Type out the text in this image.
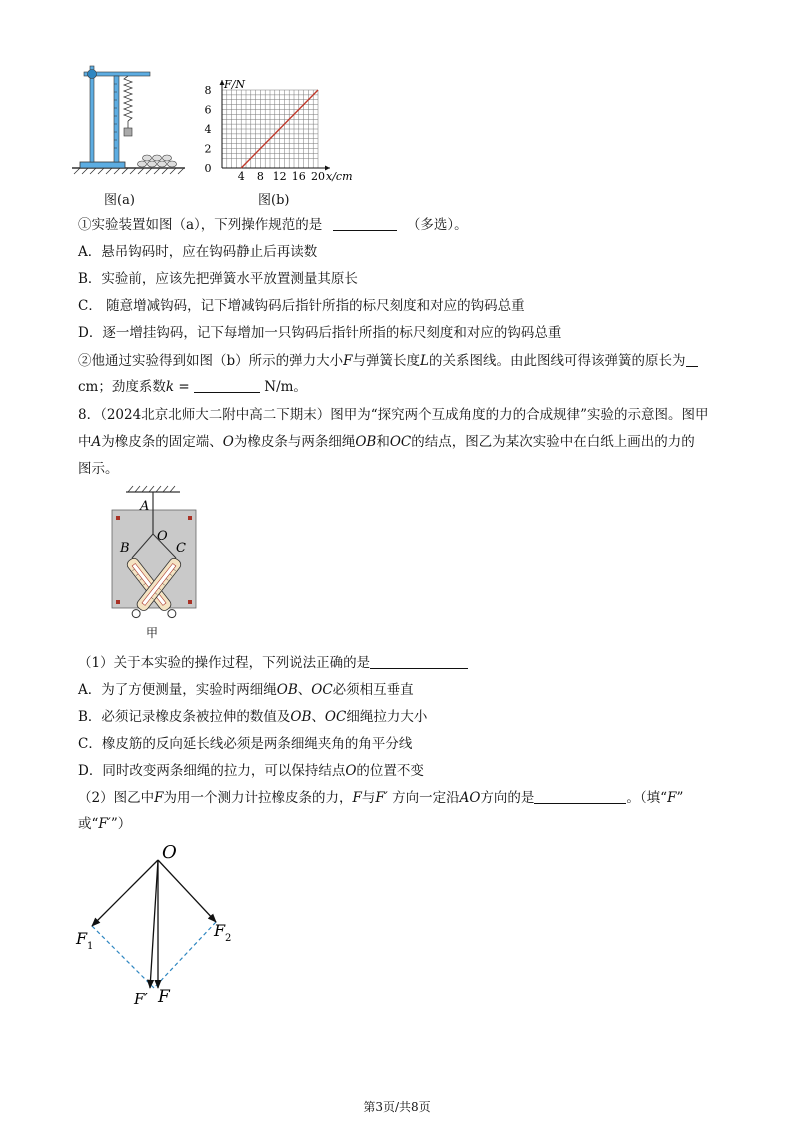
图(a)
4 8 12 16 20
0
2
4
6
8 F/N
x/cm
图(b)
①实验装置如图（a），下列操作规范的是	（多选）。
A．悬吊钩码时，应在钩码静止后再读数
B．实验前，应该先把弹簧水平放置测量其原长
C． 随意增减钩码，记下增减钩码后指针所指的标尺刻度和对应的钩码总重
D．逐一增挂钩码，记下每增加一只钩码后指针所指的标尺刻度和对应的钩码总重
②他通过实验得到如图（b）所示的弹力大小F与弹簧长度L的关系图线。由此图线可得该弹簧的原长为
cm；劲度系数k =	N/m。
8．（2024北京北师大二附中高二下期末）图甲为“探究两个互成角度的力的合成规律”实验的示意图。图甲
中A为橡皮条的固定端、O为橡皮条与两条细绳OB和OC的结点，图乙为某次实验中在白纸上画出的力的
图示。
A
B
O
C
甲
（1）关于本实验的操作过程，下列说法正确的是
A．为了方便测量，实验时两细绳OB、OC必须相互垂直
B．必须记录橡皮条被拉伸的数值及OB、OC细绳拉力大小
C．橡皮筋的反向延长线必须是两条细绳夹角的角平分线
D．同时改变两条细绳的拉力，可以保持结点O的位置不变
（2）图乙中F为用一个测力计拉橡皮条的力，F与F′ 方向一定沿AO方向的是	。（填“F”
或“F′”）
O
F 1
F 2
F′ F
第3页/共8页
